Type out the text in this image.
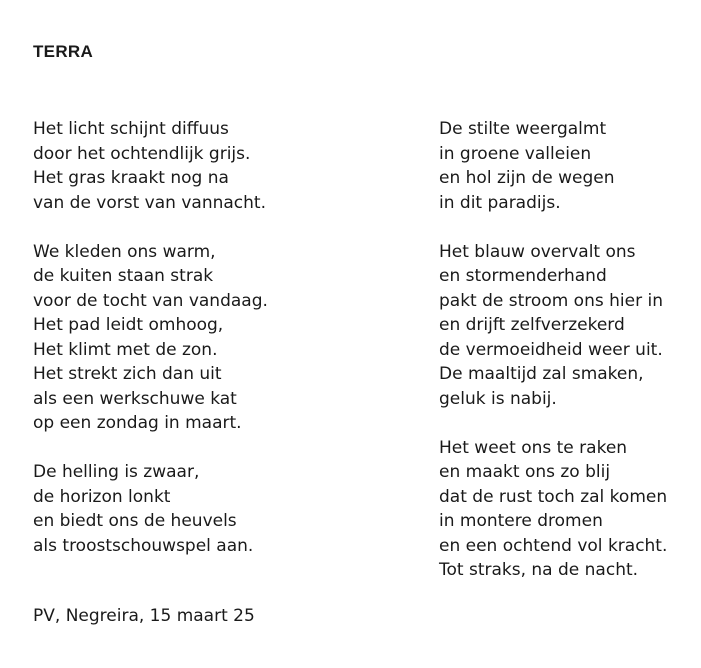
TERRA
Het licht schijnt diffuus
door het ochtendlijk grijs.
Het gras kraakt nog na
van de vorst van vannacht.
We kleden ons warm,
de kuiten staan strak
voor de tocht van vandaag.
Het pad leidt omhoog,
Het klimt met de zon.
Het strekt zich dan uit
als een werkschuwe kat
op een zondag in maart.
De helling is zwaar,
de horizon lonkt
en biedt ons de heuvels
als troostschouwspel aan.
De stilte weergalmt
in groene valleien
en hol zijn de wegen
in dit paradijs.
Het blauw overvalt ons
en stormenderhand
pakt de stroom ons hier in
en drijft zelfverzekerd
de vermoeidheid weer uit.
De maaltijd zal smaken,
geluk is nabij.
Het weet ons te raken
en maakt ons zo blij
dat de rust toch zal komen
in montere dromen
en een ochtend vol kracht.
Tot straks, na de nacht.
PV, Negreira, 15 maart 25
